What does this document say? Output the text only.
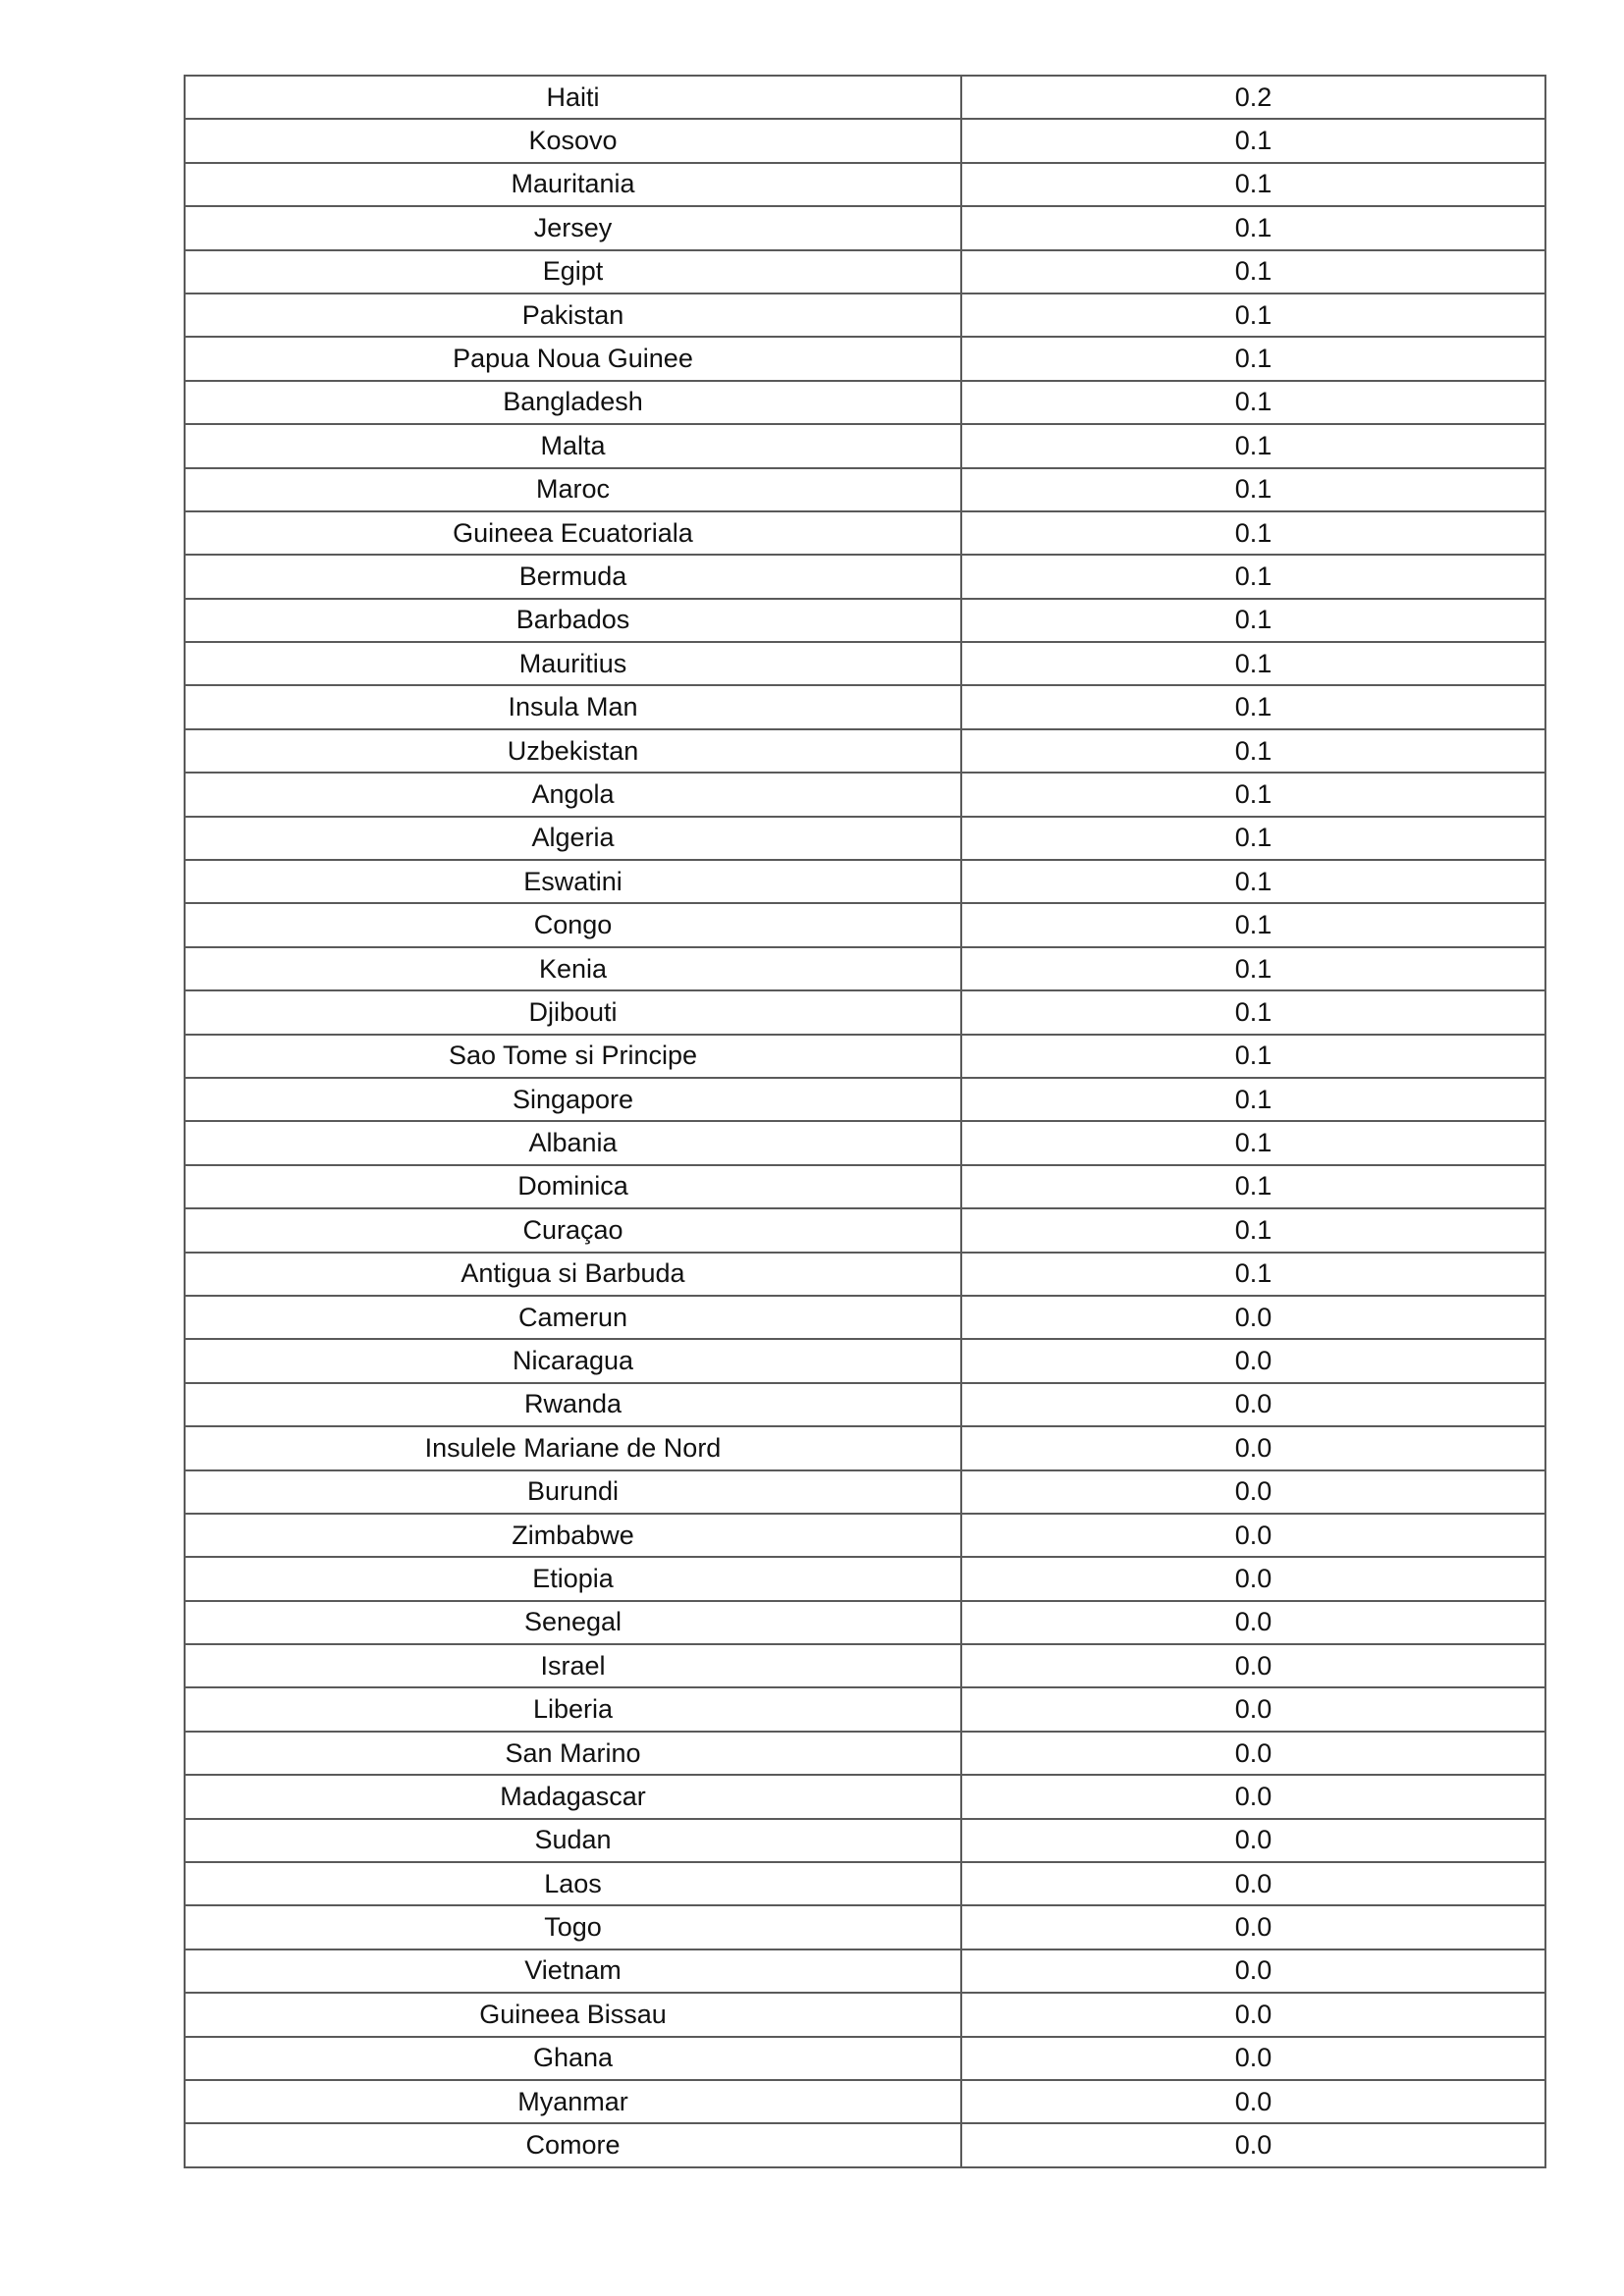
Haiti	0.2
Kosovo	0.1
Mauritania	0.1
Jersey	0.1
Egipt	0.1
Pakistan	0.1
Papua Noua Guinee	0.1
Bangladesh	0.1
Malta	0.1
Maroc	0.1
Guineea Ecuatoriala	0.1
Bermuda	0.1
Barbados	0.1
Mauritius	0.1
Insula Man	0.1
Uzbekistan	0.1
Angola	0.1
Algeria	0.1
Eswatini	0.1
Congo	0.1
Kenia	0.1
Djibouti	0.1
Sao Tome si Principe	0.1
Singapore	0.1
Albania	0.1
Dominica	0.1
Curaçao	0.1
Antigua si Barbuda	0.1
Camerun	0.0
Nicaragua	0.0
Rwanda	0.0
Insulele Mariane de Nord	0.0
Burundi	0.0
Zimbabwe	0.0
Etiopia	0.0
Senegal	0.0
Israel	0.0
Liberia	0.0
San Marino	0.0
Madagascar	0.0
Sudan	0.0
Laos	0.0
Togo	0.0
Vietnam	0.0
Guineea Bissau	0.0
Ghana	0.0
Myanmar	0.0
Comore	0.0
